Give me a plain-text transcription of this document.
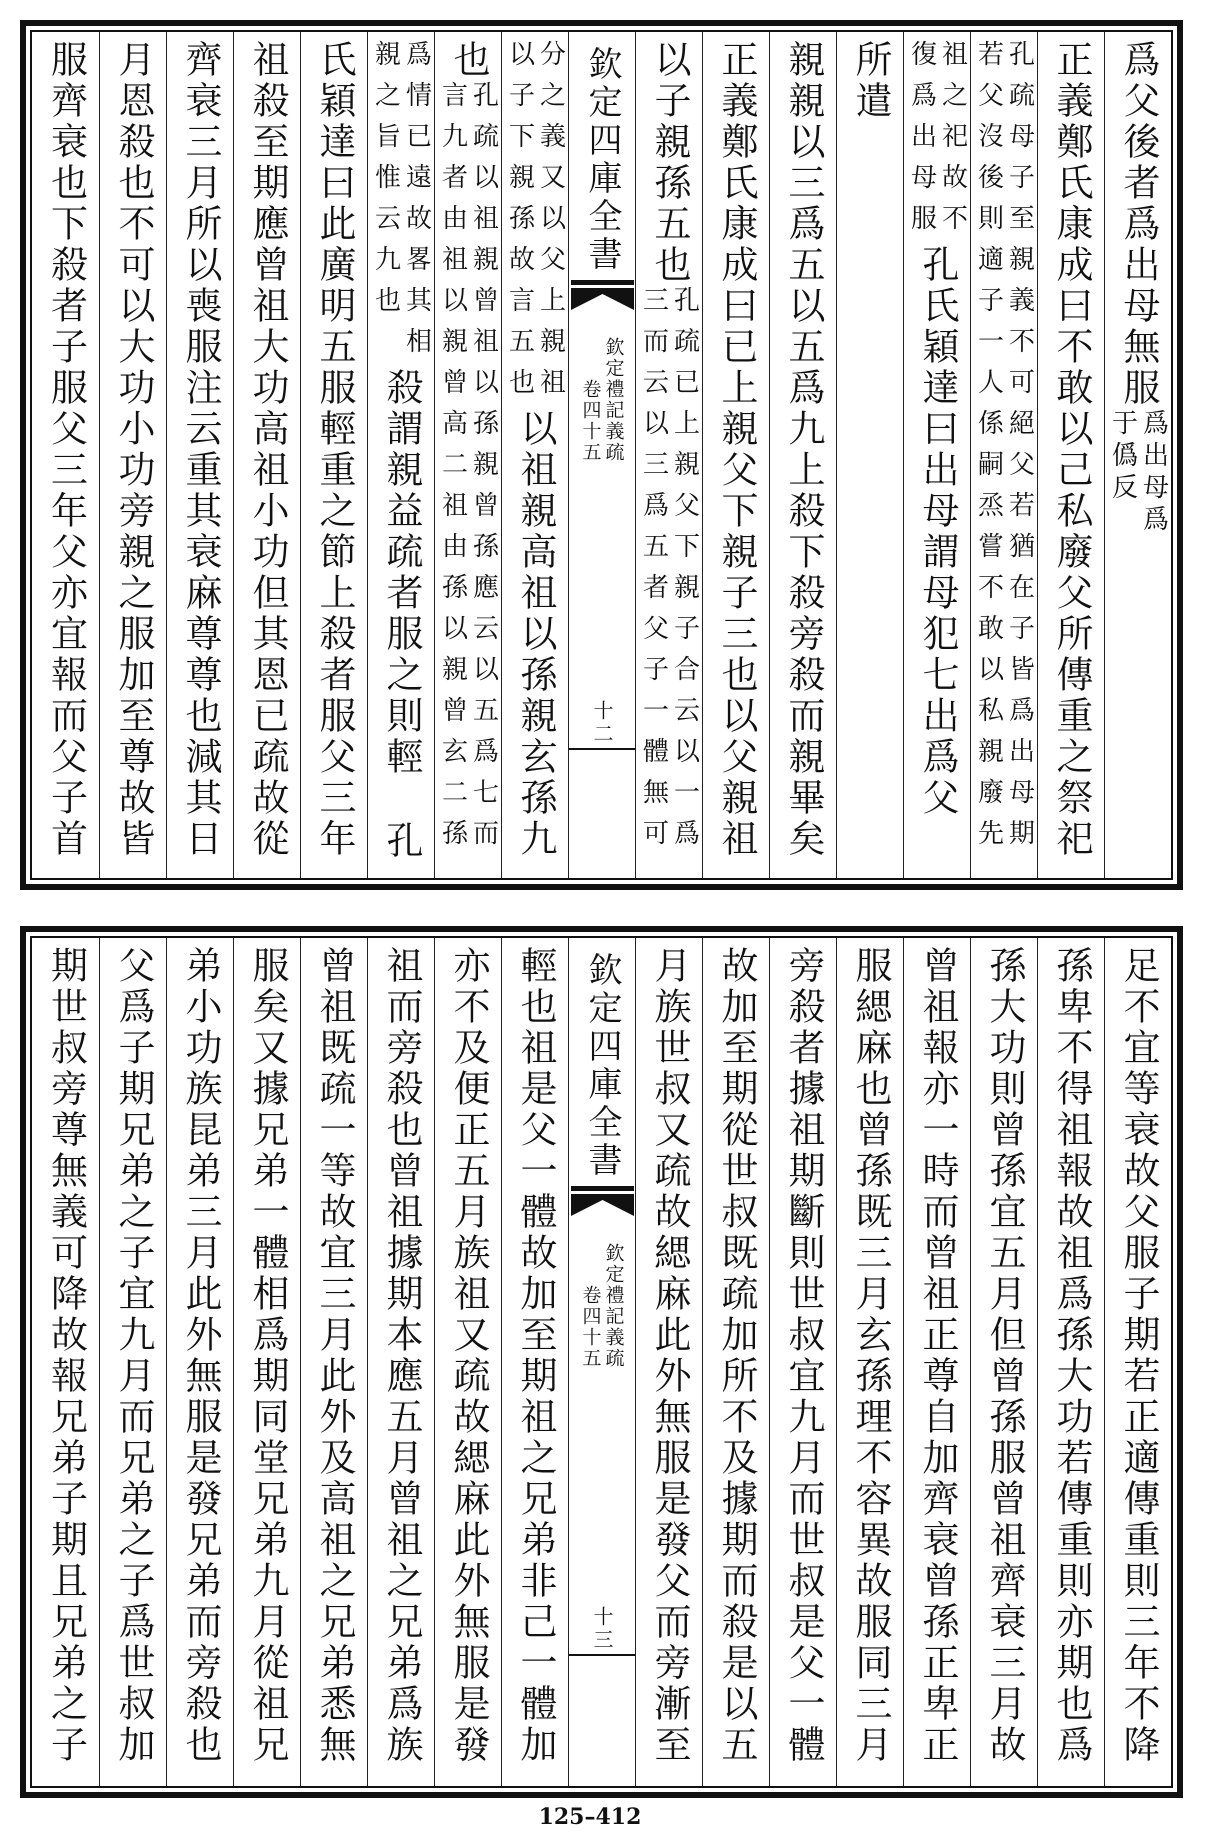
爲父後者爲出母無服
爲出母爲
于僞反
正義鄭氏康成曰不敢以己私廢父所傳重之祭祀
孔疏母子至親義不可絕父若猶在子皆爲出母期
若父沒後則適子一人係嗣烝嘗不敢以私親廢先
祖之祀故不
復爲出母服
孔氏穎達曰出母謂母犯七出爲父
所遣
親親以三爲五以五爲九上殺下殺旁殺而親畢矣
正義鄭氏康成曰已上親父下親子三也以父親祖
以子親孫五也
孔疏已上親父下親子合云以一爲
三而云以三爲五者父子一體無可
欽定四庫全書
欽定禮記義疏
卷四十五
十二
分之義又以父上親祖
以子下親孫故言五也
以祖親高祖以孫親玄孫九
也
孔疏以祖親曾祖以孫親曾孫應云以五爲七而
言九者由祖以親曾高二祖由孫以親曾玄二孫
爲情已遠故畧其相
親之旨惟云九也
殺謂親益疏者服之則輕
孔
氏穎達曰此廣明五服輕重之節上殺者服父三年
祖殺至期應曾祖大功高祖小功但其恩已疏故從
齊衰三月所以喪服注云重其衰麻尊尊也減其日
月恩殺也不可以大功小功旁親之服加至尊故皆
服齊衰也下殺者子服父三年父亦宜報而父子首
足不宜等衰故父服子期若正適傳重則三年不降
孫卑不得祖報故祖爲孫大功若傳重則亦期也爲
孫大功則曾孫宜五月但曾孫服曾祖齊衰三月故
曾祖報亦一時而曾祖正尊自加齊衰曾孫正卑正
服緦麻也曾孫既三月玄孫理不容異故服同三月
旁殺者據祖期斷則世叔宜九月而世叔是父一體
故加至期從世叔既疏加所不及據期而殺是以五
月族世叔又疏故緦麻此外無服是發父而旁漸至
欽定四庫全書
欽定禮記義疏
卷四十五
十三
輕也祖是父一體故加至期祖之兄弟非己一體加
亦不及便正五月族祖又疏故緦麻此外無服是發
祖而旁殺也曾祖據期本應五月曾祖之兄弟爲族
曾祖既疏一等故宜三月此外及高祖之兄弟悉無
服矣又據兄弟一體相爲期同堂兄弟九月從祖兄
弟小功族昆弟三月此外無服是發兄弟而旁殺也
父爲子期兄弟之子宜九月而兄弟之子爲世叔加
期世叔旁尊無義可降故報兄弟子期且兄弟之子
125–412
